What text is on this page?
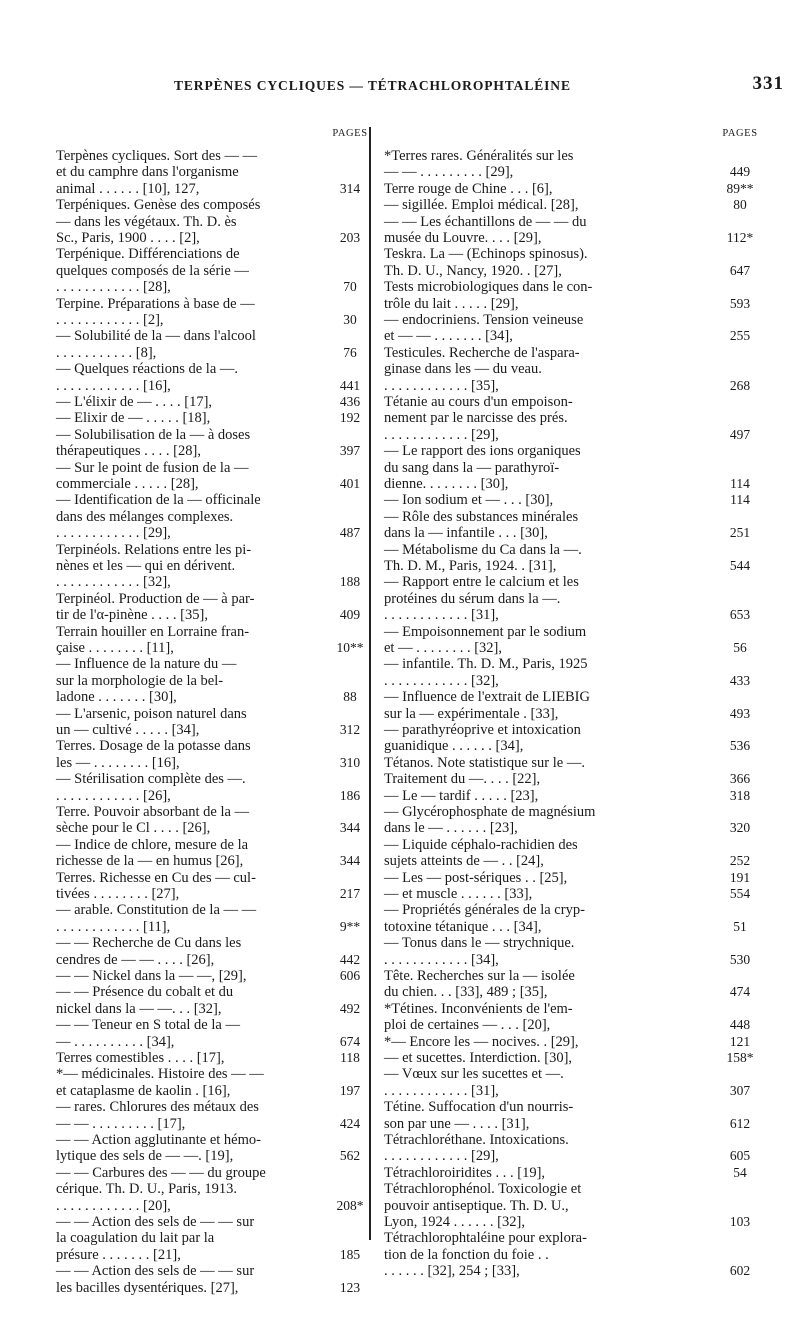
TERPÈNES CYCLIQUES — TÉTRACHLOROPHTALÉINE	331
PAGES
314
203
70
30
76
441
436
192
397
401
487
188
409
10**
88
312
310
186
344
344
217
9**
442
606
492
674
118
197
424
562
208*
185
123
PAGES
449
89**
80
112*
647
593
255
268
497
114
114
251
544
653
56
433
493
536
366
318
320
252
191
554
51
530
474
448
121
158*
307
612
605
54
103
602
Terpènes cycliques. Sort des — —
et du camphre dans l'organisme
animal . . . . . . [10], 127,
Terpéniques. Genèse des composés
— dans les végétaux. Th. D. ès
Sc., Paris, 1900 . . . . [2],
Terpénique. Différenciations de
quelques composés de la série —
. . . . . . . . . . . . [28],
Terpine. Préparations à base de —
. . . . . . . . . . . . [2],
— Solubilité de la — dans l'alcool
. . . . . . . . . . . [8],
— Quelques réactions de la —.
. . . . . . . . . . . . [16],
— L'élixir de — . . . . [17],
— Elixir de — . . . . . [18],
— Solubilisation de la — à doses
thérapeutiques . . . . [28],
— Sur le point de fusion de la —
commerciale . . . . . [28],
— Identification de la — officinale
dans des mélanges complexes.
. . . . . . . . . . . . [29],
Terpinéols. Relations entre les pi-
nènes et les — qui en dérivent.
. . . . . . . . . . . . [32],
Terpinéol. Production de — à par-
tir de l'α-pinène . . . . [35],
Terrain houiller en Lorraine fran-
çaise . . . . . . . . [11],
— Influence de la nature du —
sur la morphologie de la bel-
ladone . . . . . . . [30],
— L'arsenic, poison naturel dans
un — cultivé . . . . . [34],
Terres. Dosage de la potasse dans
les — . . . . . . . . [16],
— Stérilisation complète des —.
. . . . . . . . . . . . [26],
Terre. Pouvoir absorbant de la —
sèche pour le Cl . . . . [26],
— Indice de chlore, mesure de la
richesse de la — en humus [26],
Terres. Richesse en Cu des — cul-
tivées . . . . . . . . [27],
— arable. Constitution de la — —
. . . . . . . . . . . . [11],
— — Recherche de Cu dans les
cendres de — — . . . . [26],
— — Nickel dans la — —, [29],
— — Présence du cobalt et du
nickel dans la — —. . . [32],
— — Teneur en S total de la —
— . . . . . . . . . . [34],
Terres comestibles . . . . [17],
*— médicinales. Histoire des — —
et cataplasme de kaolin . [16],
— rares. Chlorures des métaux des
— — . . . . . . . . . [17],
— — Action agglutinante et hémo-
lytique des sels de — —. [19],
— — Carbures des — — du groupe
cérique. Th. D. U., Paris, 1913.
. . . . . . . . . . . . [20],
— — Action des sels de — — sur
la coagulation du lait par la
présure . . . . . . . [21],
— — Action des sels de — — sur
les bacilles dysentériques. [27],
*Terres rares. Généralités sur les
— — . . . . . . . . . [29],
Terre rouge de Chine . . . [6],
— sigillée. Emploi médical. [28],
— — Les échantillons de — — du
musée du Louvre. . . . [29],
Teskra. La — (Echinops spinosus).
Th. D. U., Nancy, 1920. . [27],
Tests microbiologiques dans le con-
trôle du lait . . . . . [29],
— endocriniens. Tension veineuse
et — — . . . . . . . [34],
Testicules. Recherche de l'aspara-
ginase dans les — du veau.
. . . . . . . . . . . . [35],
Tétanie au cours d'un empoison-
nement par le narcisse des prés.
. . . . . . . . . . . . [29],
— Le rapport des ions organiques
du sang dans la — parathyroï-
dienne. . . . . . . . [30],
— Ion sodium et — . . . [30],
— Rôle des substances minérales
dans la — infantile . . . [30],
— Métabolisme du Ca dans la —.
Th. D. M., Paris, 1924. . [31],
— Rapport entre le calcium et les
protéines du sérum dans la —.
. . . . . . . . . . . . [31],
— Empoisonnement par le sodium
et — . . . . . . . . [32],
— infantile. Th. D. M., Paris, 1925
. . . . . . . . . . . . [32],
— Influence de l'extrait de LIEBIG
sur la — expérimentale . [33],
— parathyréoprive et intoxication
guanidique . . . . . . [34],
Tétanos. Note statistique sur le —.
Traitement du —. . . . [22],
— Le — tardif . . . . . [23],
— Glycérophosphate de magnésium
dans le — . . . . . . [23],
— Liquide céphalo-rachidien des
sujets atteints de — . . [24],
— Les — post-sériques . . [25],
— et muscle . . . . . . [33],
— Propriétés générales de la cryp-
totoxine tétanique . . . [34],
— Tonus dans le — strychnique.
. . . . . . . . . . . . [34],
Tête. Recherches sur la — isolée
du chien. . . [33], 489 ; [35],
*Tétines. Inconvénients de l'em-
ploi de certaines — . . . [20],
*— Encore les — nocives. . [29],
— et sucettes. Interdiction. [30],
— Vœux sur les sucettes et —.
. . . . . . . . . . . . [31],
Tétine. Suffocation d'un nourris-
son par une — . . . . [31],
Tétrachloréthane. Intoxications.
. . . . . . . . . . . . [29],
Tétrachloroiridites . . . [19],
Tétrachlorophénol. Toxicologie et
pouvoir antiseptique. Th. D. U.,
Lyon, 1924 . . . . . . [32],
Tétrachlorophtaléine pour explora-
tion de la fonction du foie . .
. . . . . . [32], 254 ; [33],
